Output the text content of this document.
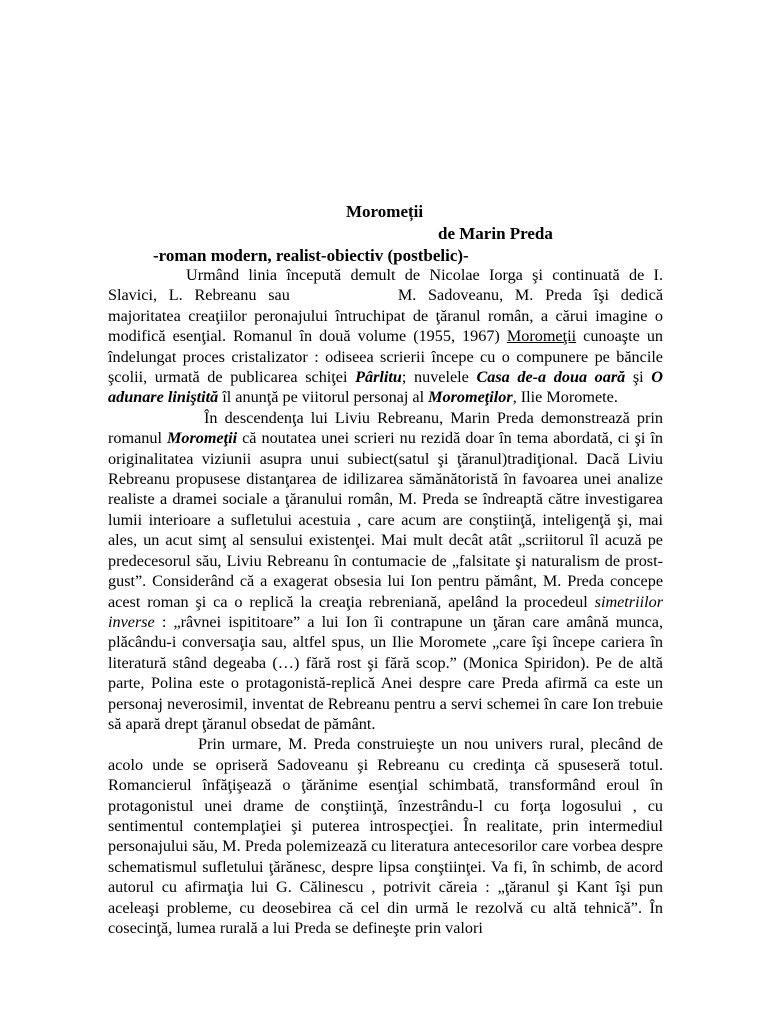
Moromeții
de Marin Preda
-roman modern, realist-obiectiv (postbelic)-

Urmând linia începută demult de Nicolae Iorga şi continuată de I. Slavici, L. Rebreanu sau	M. Sadoveanu, M. Preda îşi dedică majoritatea creaţiilor peronajului întruchipat de ţăranul român, a cărui imagine o modifică esenţial. Romanul în două volume (1955, 1967) Moromeţii cunoaşte un îndelungat proces cristalizator : odiseea scrierii începe cu o compunere pe băncile şcolii, urmată de publicarea schiţei Pârlitu; nuvelele Casa de-a doua oară şi O adunare liniştită îl anunţă pe viitorul personaj al Moromeţilor, Ilie Moromete.

În descendenţa lui Liviu Rebreanu, Marin Preda demonstrează prin romanul Moromeţii că noutatea unei scrieri nu rezidă doar în tema abordată, ci şi în originalitatea viziunii asupra unui subiect(satul şi ţăranul)tradiţional. Dacă Liviu Rebreanu propusese distanţarea de idilizarea sămănătoristă în favoarea unei analize realiste a dramei sociale a ţăranului român, M. Preda se îndreaptă către investigarea lumii interioare a sufletului acestuia , care acum are conştiinţă, inteligenţă şi, mai ales, un acut simţ al sensului existenţei. Mai mult decât atât „scriitorul îl acuză pe predecesorul său, Liviu Rebreanu în contumacie de „falsitate şi naturalism de prost-gust”. Considerând că a exagerat obsesia lui Ion pentru pământ, M. Preda concepe acest roman şi ca o replică la creaţia rebreniană, apelând la procedeul simetriilor inverse : „râvnei ispititoare” a lui Ion îi contrapune un ţăran care amână munca, plăcându-i conversaţia sau, altfel spus, un Ilie Moromete „care îşi începe cariera în literatură stând degeaba (…) fără rost şi fără scop.” (Monica Spiridon). Pe de altă parte, Polina este o protagonistă-replică Anei despre care Preda afirmă ca este un personaj neverosimil, inventat de Rebreanu pentru a servi schemei în care Ion trebuie să apară drept ţăranul obsedat de pământ.

Prin urmare, M. Preda construieşte un nou univers rural, plecând de acolo unde se opriseră Sadoveanu şi Rebreanu cu credinţa că spuseseră totul. Romancierul înfăţişează o ţărănime esenţial schimbată, transformând eroul în protagonistul unei drame de conştiinţă, înzestrându-l cu forţa logosului , cu sentimentul contemplaţiei şi puterea introspecţiei. În realitate, prin intermediul personajului său, M. Preda polemizează cu literatura antecesorilor care vorbea despre schematismul sufletului ţărănesc, despre lipsa conştiinţei. Va fi, în schimb, de acord autorul cu afirmaţia lui G. Călinescu , potrivit căreia : „ţăranul şi Kant îşi pun aceleaşi probleme, cu deosebirea că cel din urmă le rezolvă cu altă tehnică”. În cosecinţă, lumea rurală a lui Preda se defineşte prin valori
